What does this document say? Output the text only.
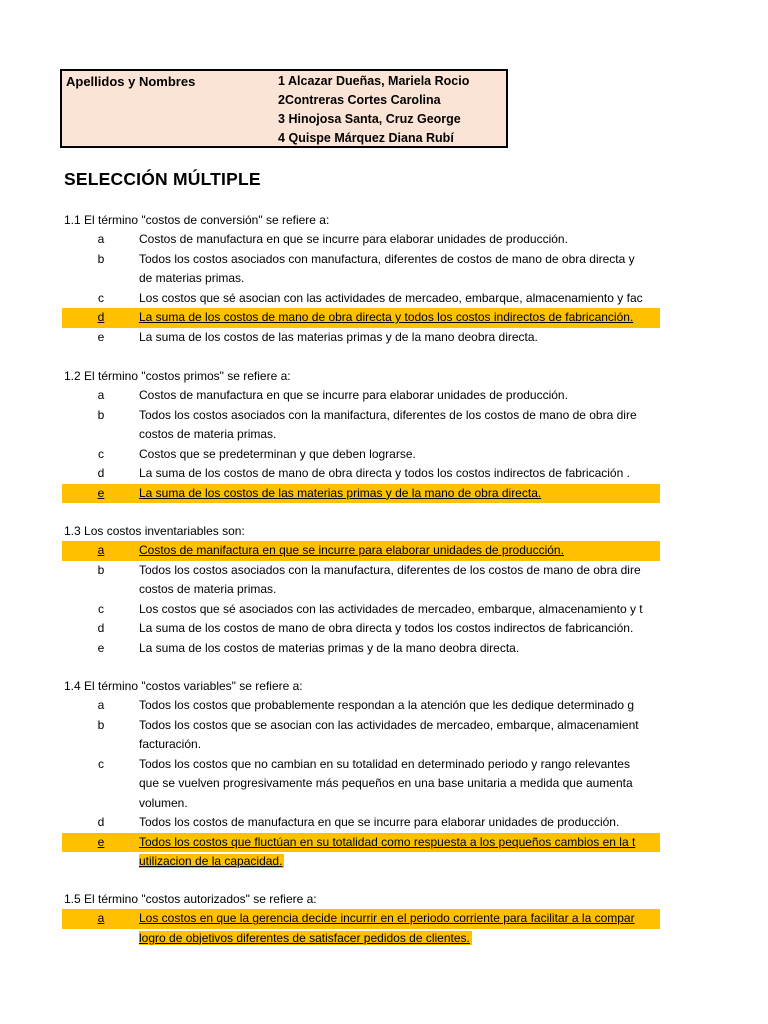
Apellidos y Nombres	1 Alcazar Dueñas, Mariela Rocio
2Contreras Cortes Carolina
3 Hinojosa Santa, Cruz George
4 Quispe Márquez Diana Rubí
SELECCIÓN MÚLTIPLE
1.1 El término "costos de conversión" se refiere a:
a	Costos de manufactura en que se incurre para elaborar unidades de producción.
b	Todos los costos asociados con manufactura, diferentes de costos de mano de obra directa y
de materias primas.
c	Los costos que sé asocian con las actividades de mercadeo, embarque, almacenamiento y fac
d	La suma de los costos de mano de obra directa y todos los costos indirectos de fabricanción.
e	La suma de los costos de las materias primas y de la mano deobra directa.
1.2 El término "costos primos" se refiere a:
a	Costos de manufactura en que se incurre para elaborar unidades de producción.
b	Todos los costos asociados con la manifactura, diferentes de los costos de mano de obra dire
costos de materia primas.
c	Costos que se predeterminan y que deben lograrse.
d	La suma de los costos de mano de obra directa y todos los costos indirectos de fabricación .
e	La suma de los costos de las materias primas y de la mano de obra directa.
1.3 Los costos inventariables son:
a	Costos de manifactura en que se incurre para elaborar unidades de producción.
b	Todos los costos asociados con la manufactura, diferentes de los costos de mano de obra dire
costos de materia primas.
c	Los costos que sé asociados con las actividades de mercadeo, embarque, almacenamiento y t
d	La suma de los costos de mano de obra directa y todos los costos indirectos de fabricanción.
e	La suma de los costos de materias primas y de la mano deobra directa.
1.4 El término "costos variables" se refiere a:
a	Todos los costos que probablemente respondan a la atención que les dedique determinado g
b	Todos los costos que se asocian con las actividades de mercadeo, embarque, almacenamient
facturación.
c	Todos los costos que no cambian en su totalidad en determinado periodo y rango relevantes
que se vuelven progresivamente más pequeños en una base unitaria a medida que aumenta
volumen.
d	Todos los costos de manufactura en que se incurre para elaborar unidades de producción.
e	Todos los costos que fluctúan en su totalidad como respuesta a los pequeños cambios en la t
utilizacion de la capacidad.
1.5 El término "costos autorizados" se refiere a:
a	Los costos en que la gerencia decide incurrir en el periodo corriente para facilitar a la compar
logro de objetivos diferentes de satisfacer pedidos de clientes.
